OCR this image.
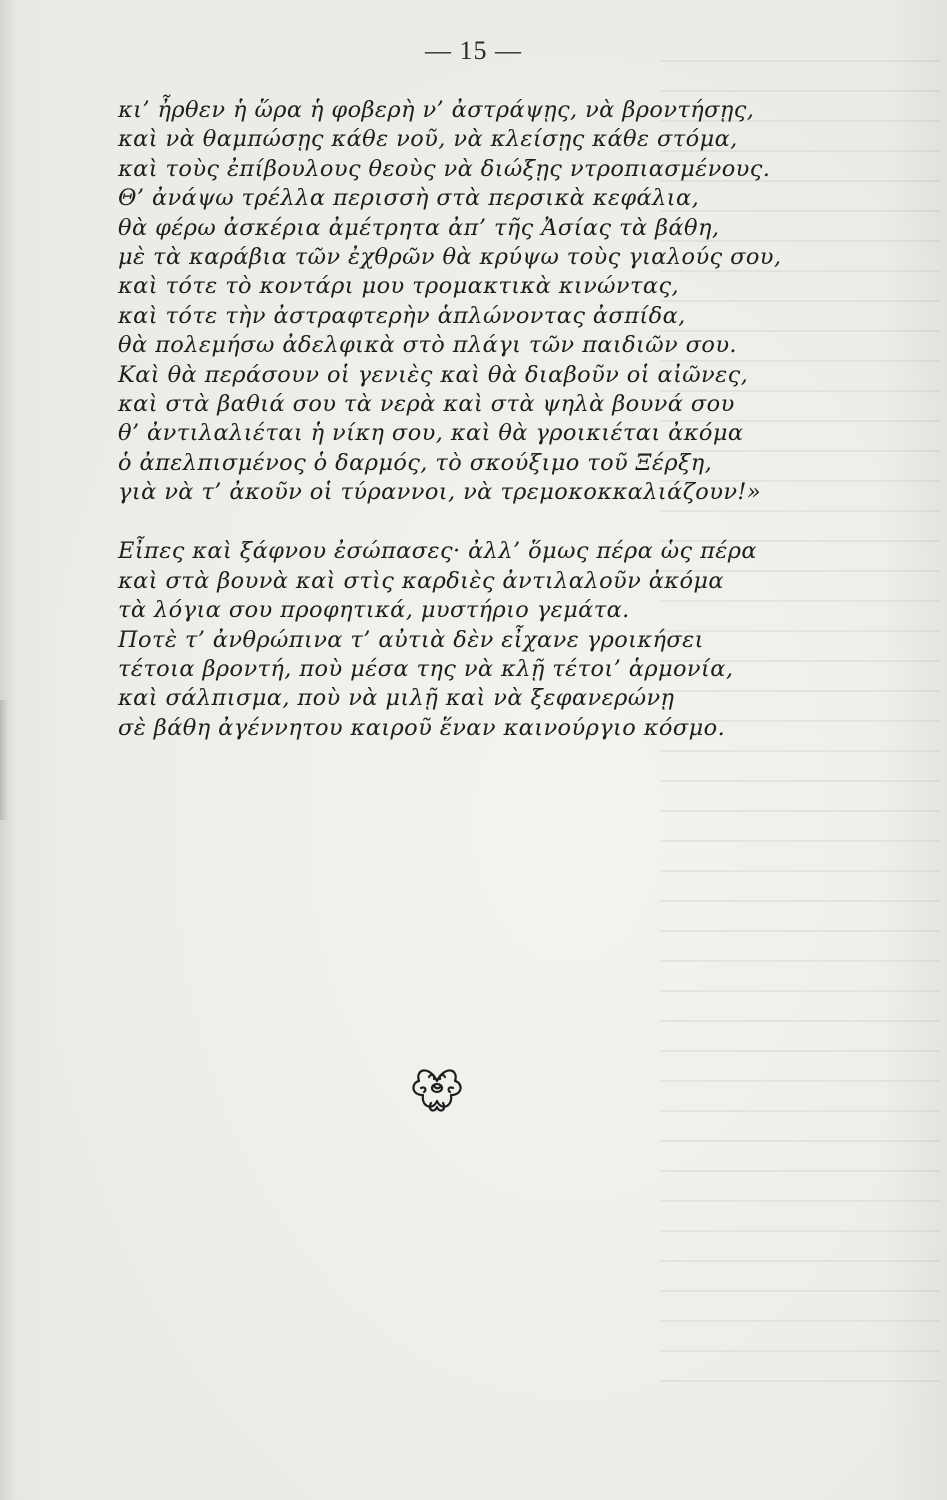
— 15 —
κι’ ἦρθεν ἡ ὥρα ἡ φοβερὴ ν’ ἀστράψῃς, νὰ βροντήσῃς,
καὶ νὰ θαμπώσῃς κάθε νοῦ, νὰ κλείσῃς κάθε στόμα,
καὶ τοὺς ἐπίβουλους θεοὺς νὰ διώξῃς ντροπιασμένους.
Θ’ ἀνάψω τρέλλα περισσὴ στὰ περσικὰ κεφάλια,
θὰ φέρω ἀσκέρια ἀμέτρητα ἀπ’ τῆς Ἀσίας τὰ βάθη,
μὲ τὰ καράβια τῶν ἐχθρῶν θὰ κρύψω τοὺς γιαλούς σου,
καὶ τότε τὸ κοντάρι μου τρομακτικὰ κινώντας,
καὶ τότε τὴν ἀστραφτερὴν ἁπλώνοντας ἀσπίδα,
θὰ πολεμήσω ἀδελφικὰ στὸ πλάγι τῶν παιδιῶν σου.
Καὶ θὰ περάσουν οἱ γενιὲς καὶ θὰ διαβοῦν οἱ αἰῶνες,
καὶ στὰ βαθιά σου τὰ νερὰ καὶ στὰ ψηλὰ βουνά σου
θ’ ἀντιλαλιέται ἡ νίκη σου, καὶ θὰ γροικιέται ἀκόμα
ὁ ἀπελπισμένος ὁ δαρμός, τὸ σκούξιμο τοῦ Ξέρξη,
γιὰ νὰ τ’ ἀκοῦν οἱ τύραννοι, νὰ τρεμοκοκκαλιάζουν!»
Εἶπες καὶ ξάφνου ἐσώπασες· ἀλλ’ ὅμως πέρα ὡς πέρα
καὶ στὰ βουνὰ καὶ στὶς καρδιὲς ἀντιλαλοῦν ἀκόμα
τὰ λόγια σου προφητικά, μυστήριο γεμάτα.
Ποτὲ τ’ ἀνθρώπινα τ’ αὐτιὰ δὲν εἶχανε γροικήσει
τέτοια βροντή, ποὺ μέσα της νὰ κλῇ τέτοι’ ἁρμονία,
καὶ σάλπισμα, ποὺ νὰ μιλῇ καὶ νὰ ξεφανερώνῃ
σὲ βάθη ἀγέννητου καιροῦ ἕναν καινούργιο κόσμο.
